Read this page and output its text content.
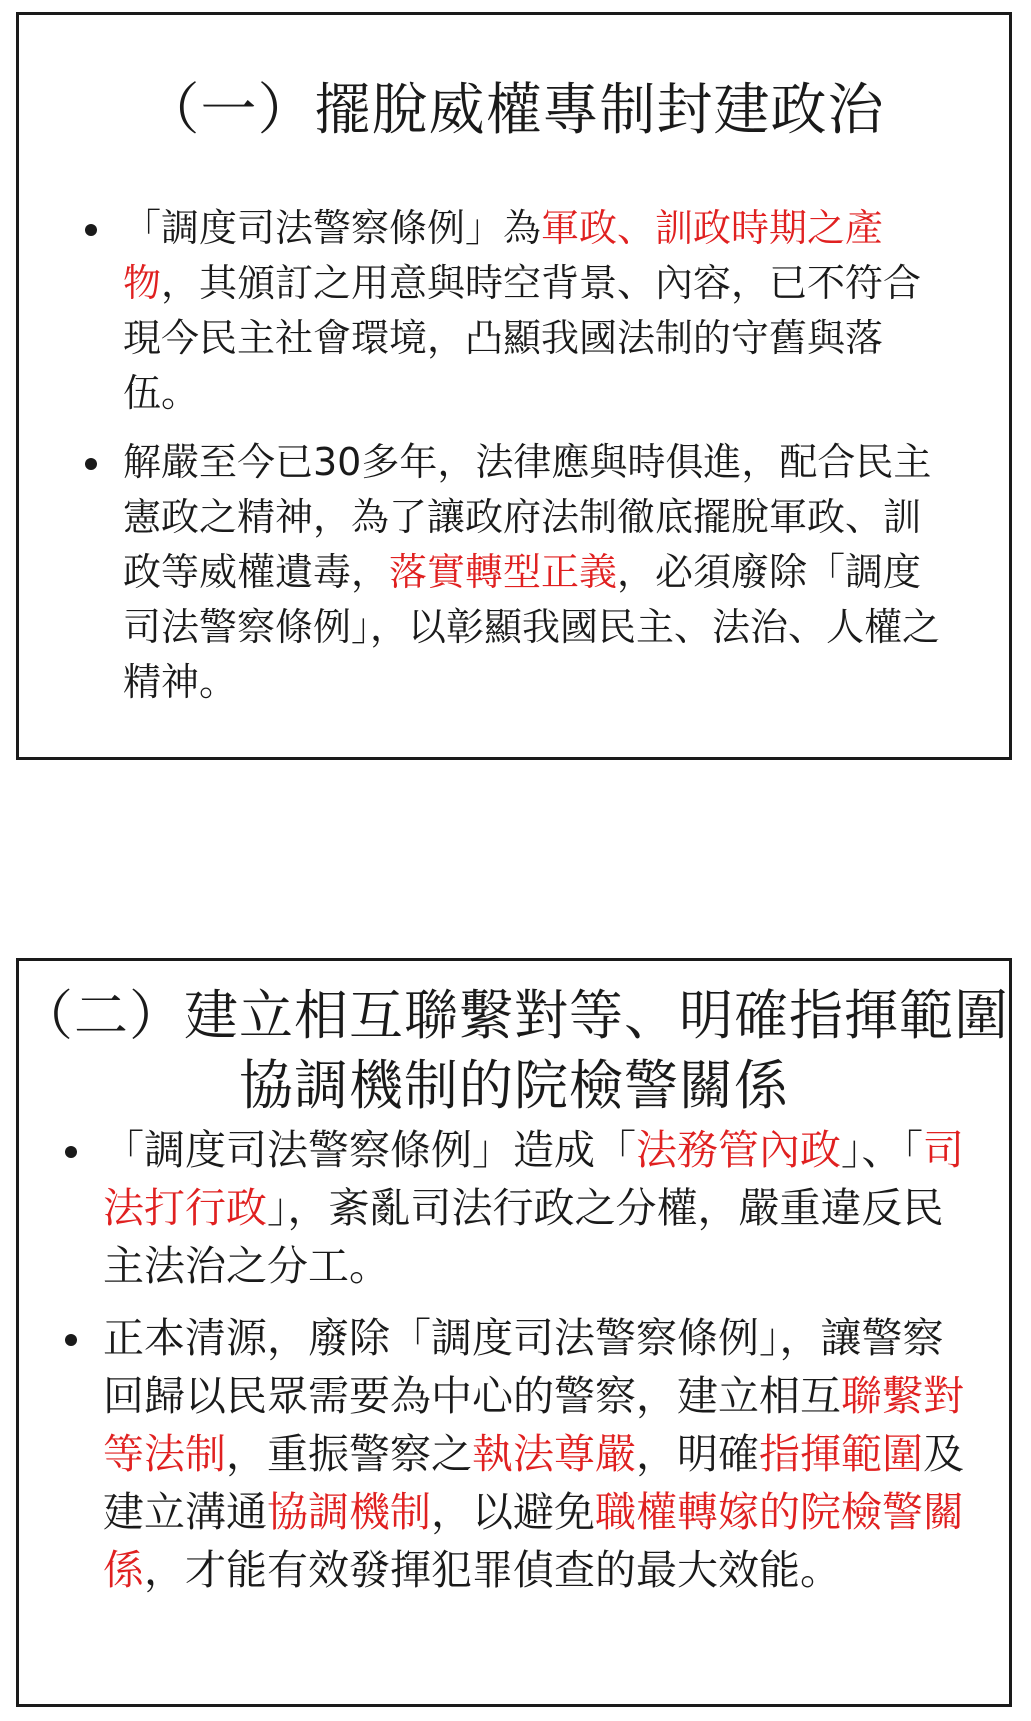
（一）擺脫威權專制封建政治
「調度司法警察條例」為軍政、訓政時期之產物，其頒訂之用意與時空背景、內容，已不符合現今民主社會環境，凸顯我國法制的守舊與落伍。
解嚴至今已30多年，法律應與時俱進，配合民主憲政之精神，為了讓政府法制徹底擺脫軍政、訓政等威權遺毒，落實轉型正義，必須廢除「調度司法警察條例」，以彰顯我國民主、法治、人權之精神。
（二）建立相互聯繫對等、明確指揮範圍協調機制的院檢警關係
「調度司法警察條例」造成「法務管內政」、「司法打行政」，紊亂司法行政之分權，嚴重違反民主法治之分工。
正本清源，廢除「調度司法警察條例」，讓警察回歸以民眾需要為中心的警察，建立相互聯繫對等法制，重振警察之執法尊嚴，明確指揮範圍及建立溝通協調機制，以避免職權轉嫁的院檢警關係，才能有效發揮犯罪偵查的最大效能。
